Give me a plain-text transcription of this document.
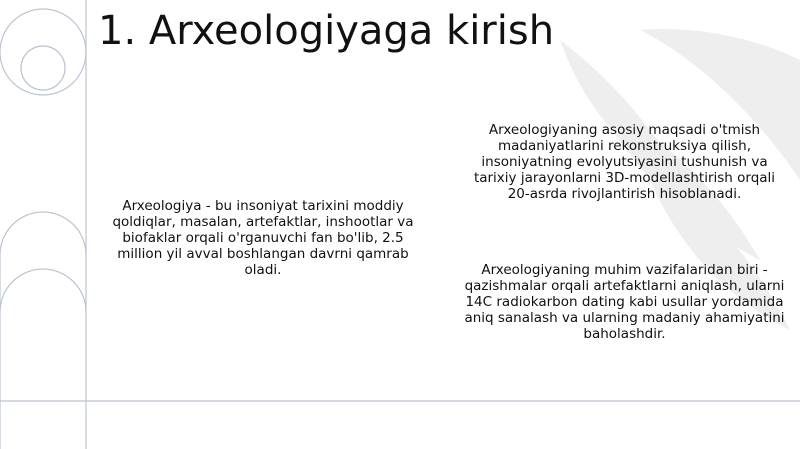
1. Arxeologiyaga kirish

Arxeologiya - bu insoniyat tarixini moddiy qoldiqlar, masalan, artefaktlar, inshootlar va biofaklar orqali o'rganuvchi fan bo'lib, 2.5 million yil avval boshlangan davrni qamrab oladi.

Arxeologiyaning asosiy maqsadi o'tmish madaniyatlarini rekonstruksiya qilish, insoniyatning evolyutsiyasini tushunish va tarixiy jarayonlarni 3D-modellashtirish orqali 20-asrda rivojlantirish hisoblanadi.

Arxeologiyaning muhim vazifalaridan biri - qazishmalar orqali artefaktlarni aniqlash, ularni 14C radiokarbon dating kabi usullar yordamida aniq sanalash va ularning madaniy ahamiyatini baholashdir.
